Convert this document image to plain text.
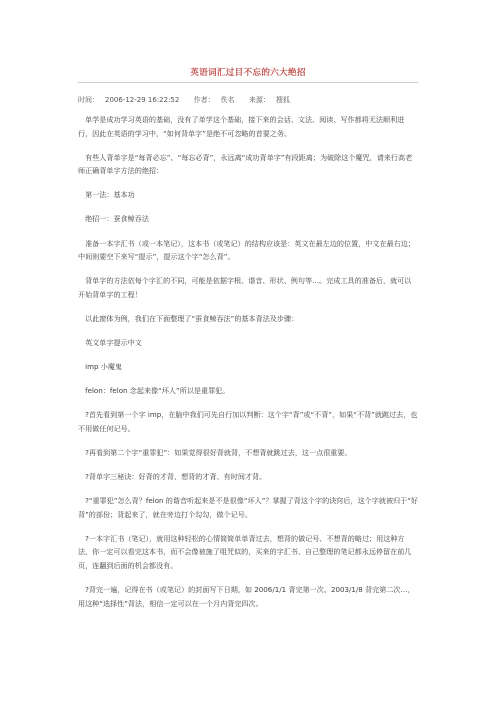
英语词汇过目不忘的六大绝招
时间： 2006-12-29 16:22:52 作者： 佚名 来源： 搜狐

　单学是成功学习英语的基础，没有了单学这个基础，接下来的会话、文法、阅读、写作都将无法顺利进行，因此在英语的学习中，“如何背单字”是绝不可忽略的首要之务。

　有些人背单字是“每背必忘”、“每忘必背”，永远离“成功背单字”有段距离；为破除这个魔咒，请来行高老师正确背单字方法的绝招：

　第一法：基本功

　绝招一：蚕食鲸吞法

　准备一本字汇书（或一本笔记），这本书（或笔记）的结构应该是：英文在最左边的位置，中文在最右边；中间则要空下来写“提示”，提示这个字“怎么背”。

　背单字的方法依每个字汇的不同，可能是依据字根、谐音、形状、例句等…。完成工具的准备后，就可以开始背单字的工程！

　以此窗体为例，我们在下面整理了“蚕食鲸吞法”的基本背法及步骤：

　英文单字提示中文

　imp 小魔鬼

　felon：felon 念起来像“坏人”所以是重罪犯。

　?首先看到第一个字 imp，在脑中我们可先自行加以判断：这个字“背”或“不背”，如果“不背”就跳过去，也不用做任何记号。

　?再看到第二个字“重罪犯”：如果觉得很好背就背，不想背就跳过去，这一点很重要。

　?背单字三秘诀：好背的才背、想背的才背、有时间才背。

　?“重罪犯”怎么背？felon 的谐音听起来是不是很像“坏人”？掌握了背这个字的诀窍后，这个字就被归于“好背”的部份；背起来了，就在旁边打个勾勾，做个记号。

　?一本字汇书（笔记），就用这种轻松的心情简简单单背过去，想背的做记号、不想背的略过；用这种方法，你一定可以看完这本书，而不会像被施了咀咒似的，买来的字汇书、自己整理的笔记都永远停留在前几页，连翻到后面的机会都没有。

　?背完一遍，记得在书（或笔记）的封面写下日期，如 2006/1/1 背完第一次、2003/1/8 背完第二次…，用这种“选择性”背法，相信一定可以在一个月内背完四次。
